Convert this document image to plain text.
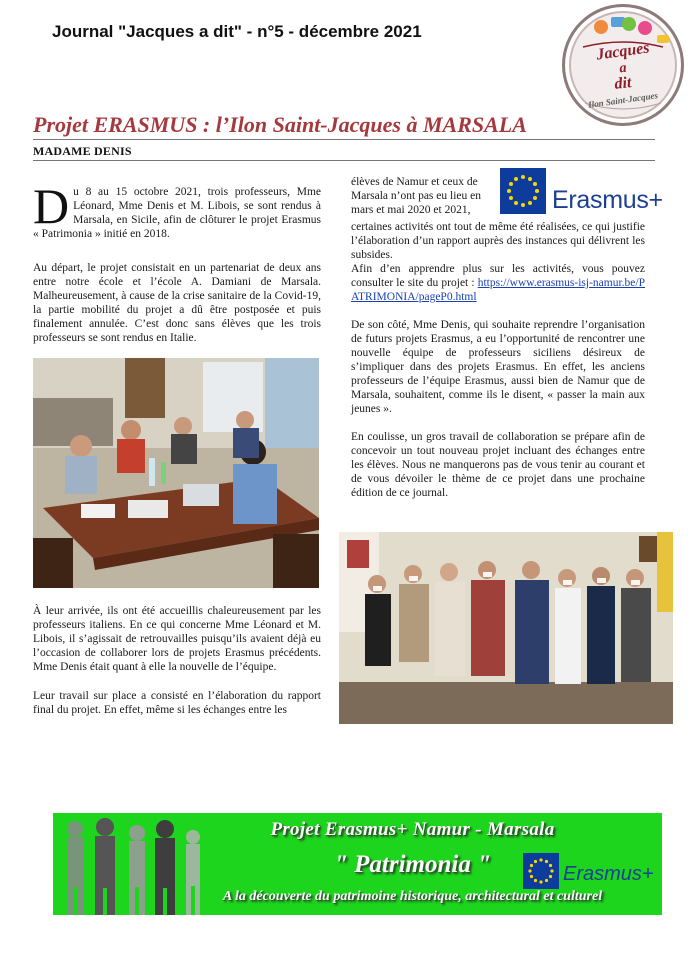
Journal "Jacques a dit" - n°5 - décembre 2021
Jacques
a
dit
Ilon Saint-Jacques
Projet ERASMUS : l’Ilon Saint-Jacques à MARSALA
MADAME DENIS
Du 8 au 15 octobre 2021, trois professeurs, Mme Léonard, Mme Denis et M. Libois, se sont rendus à Marsala, en Sicile, afin de clôturer le projet Erasmus « Patrimonia » initié en 2018.
Au départ, le projet consistait en un partenariat de deux ans entre notre école et l’école A. Damiani de Marsala. Malheureusement, à cause de la crise sanitaire de la Covid-19, la partie mobilité du projet a dû être postposée et puis finalement annulée. C’est donc sans élèves que les trois professeurs se sont rendus en Italie.
À leur arrivée, ils ont été accueillis chaleureusement par les professeurs italiens. En ce qui concerne Mme Léonard et M. Libois, il s’agissait de retrouvailles puisqu’ils avaient déjà eu l’occasion de collaborer lors de projets Erasmus précédents. Mme Denis était quant à elle la nouvelle de l’équipe.
Leur travail sur place a consisté en l’élaboration du rapport final du projet. En effet, même si les échanges entre les
élèves de Namur et ceux de Marsala n’ont pas eu lieu en mars et mai 2020 et 2021,	Erasmus+
certaines activités ont tout de même été réalisées, ce qui justifie l’élaboration d’un rapport auprès des instances qui délivrent les subsides.
Afin d’en apprendre plus sur les activités, vous pouvez consulter le site du projet : https://www.erasmus-isj-namur.be/PATRIMONIA/pageP0.html
De son côté, Mme Denis, qui souhaite reprendre l’organisation de futurs projets Erasmus, a eu l’opportunité de rencontrer une nouvelle équipe de professeurs siciliens désireux de s’impliquer dans des projets Erasmus. En effet, les anciens professeurs de l’équipe Erasmus, aussi bien de Namur que de Marsala, souhaitent, comme ils le disent, « passer la main aux jeunes ».
En coulisse, un gros travail de collaboration se prépare afin de concevoir un tout nouveau projet incluant des échanges entre les élèves. Nous ne manquerons pas de vous tenir au courant et de vous dévoiler le thème de ce projet dans une prochaine édition de ce journal.
Projet Erasmus+ Namur - Marsala
" Patrimonia "
A la découverte du patrimoine historique, architectural et culturel
Erasmus+
